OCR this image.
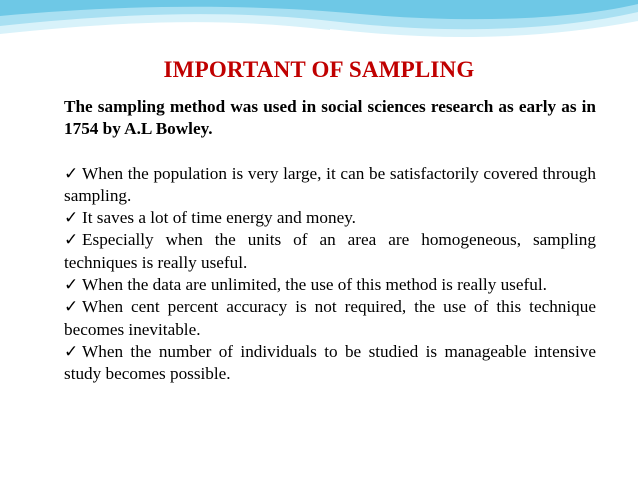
IMPORTANT OF SAMPLING

The sampling method was used in social sciences research as early as in 1754 by A.L Bowley.

✓ When the population is very large, it can be satisfactorily covered through sampling.
✓ It saves a lot of time energy and money.
✓ Especially when the units of an area are homogeneous, sampling techniques is really useful.
✓ When the data are unlimited, the use of this method is really useful.
✓ When cent percent accuracy is not required, the use of this technique becomes inevitable.
✓ When the number of individuals to be studied is manageable intensive study becomes possible.
